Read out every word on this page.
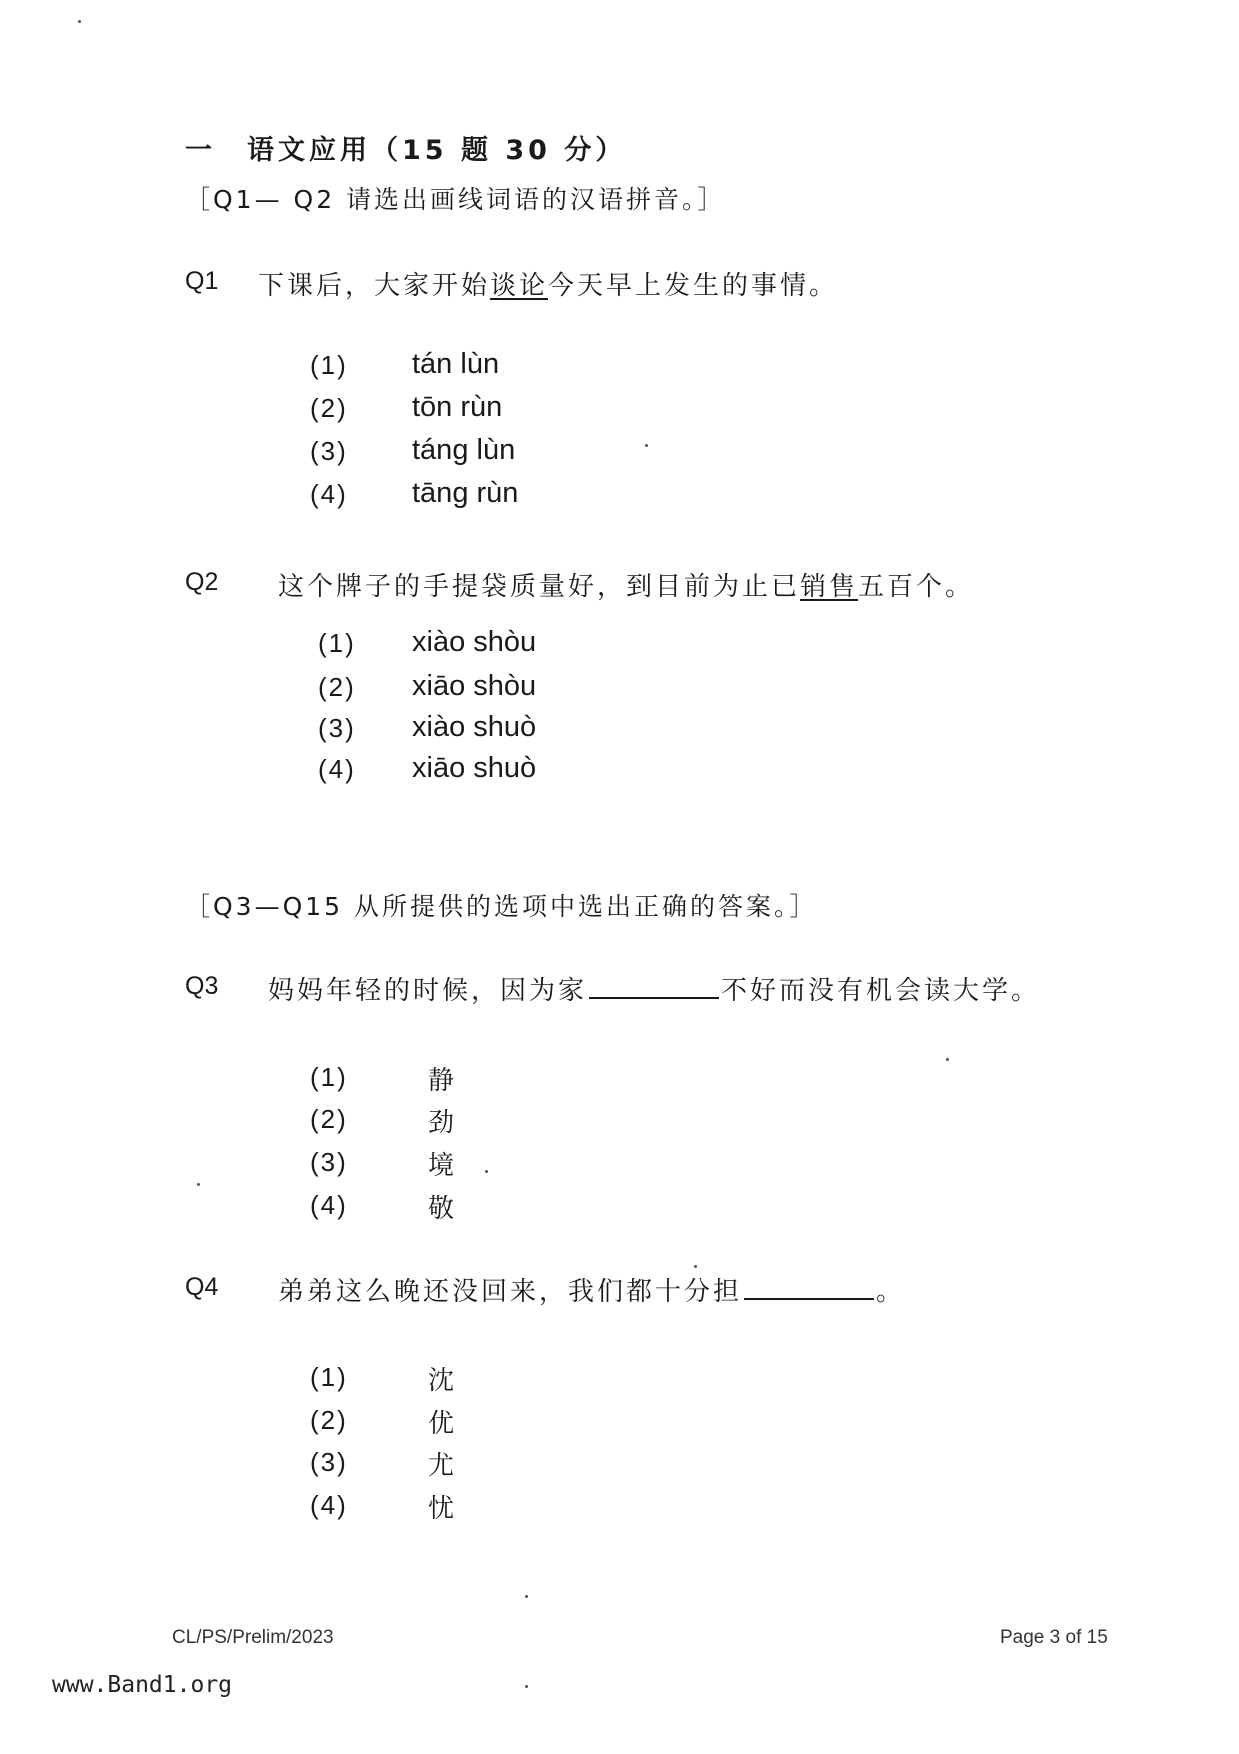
一　语文应用（15 题 30 分）
［Q1— Q2 请选出画线词语的汉语拼音。］
Q1 下课后，大家开始谈论今天早上发生的事情。
(1) tán lùn
(2) tōn rùn
(3) táng lùn
(4) tāng rùn
Q2 这个牌子的手提袋质量好，到目前为止已销售五百个。
(1) xiào shòu
(2) xiāo shòu
(3) xiào shuò
(4) xiāo shuò
［Q3—Q15 从所提供的选项中选出正确的答案。］
Q3 妈妈年轻的时候，因为家	不好而没有机会读大学。
(1)	静
(2)	劲
(3)	境
(4)	敬
Q4 弟弟这么晚还没回来，我们都十分担	。
(1)	沈
(2)	优
(3)	尤
(4)	忧
CL/PS/Prelim/2023	Page 3 of 15
www.Band1.org
